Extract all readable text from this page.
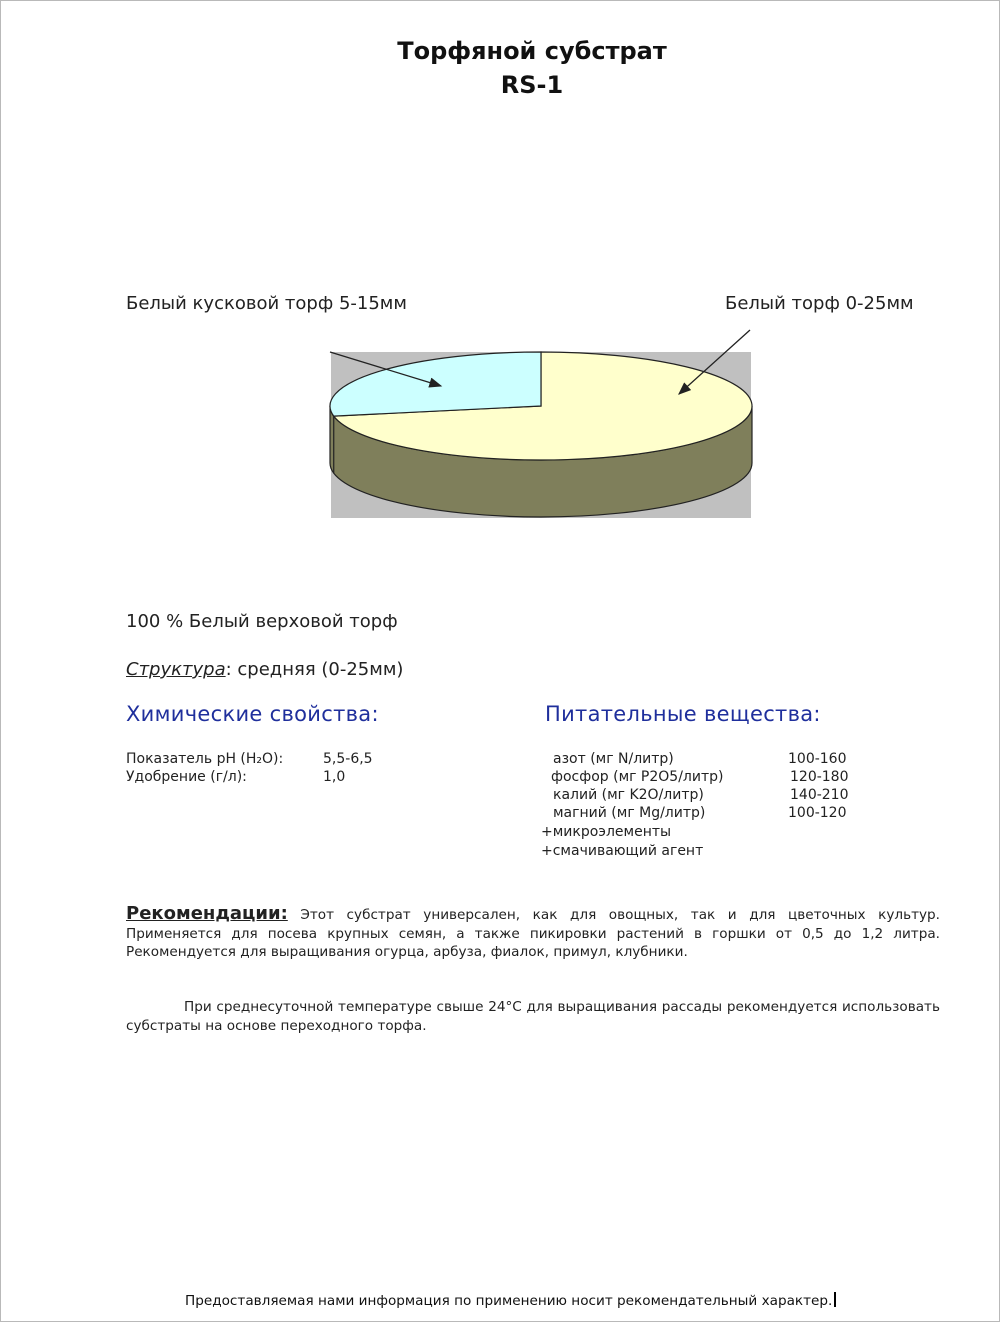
Торфяной субстрат
RS-1
Белый кусковой торф 5-15мм	Белый торф 0-25мм
100 % Белый верховой торф
Структура: средняя (0-25мм)
Химические свойства:	Питательные вещества:
Показатель pH (H₂O):	5,5-6,5
Удобрение (г/л):	1,0
азот (мг N/литр)	100-160
фосфор (мг P2O5/литр)	120-180
калий (мг K2O/литр)	140-210
магний (мг Mg/литр)	100-120
+микроэлементы
+смачивающий агент
Рекомендации: Этот субстрат универсален, как для овощных, так и для цветочных культур. Применяется для посева крупных семян, а также пикировки растений в горшки от 0,5 до 1,2 литра. Рекомендуется для выращивания огурца, арбуза, фиалок, примул, клубники.
При среднесуточной температуре свыше 24°С для выращивания рассады рекомендуется использовать субстраты на основе переходного торфа.
Предоставляемая нами информация по применению носит рекомендательный характер.
